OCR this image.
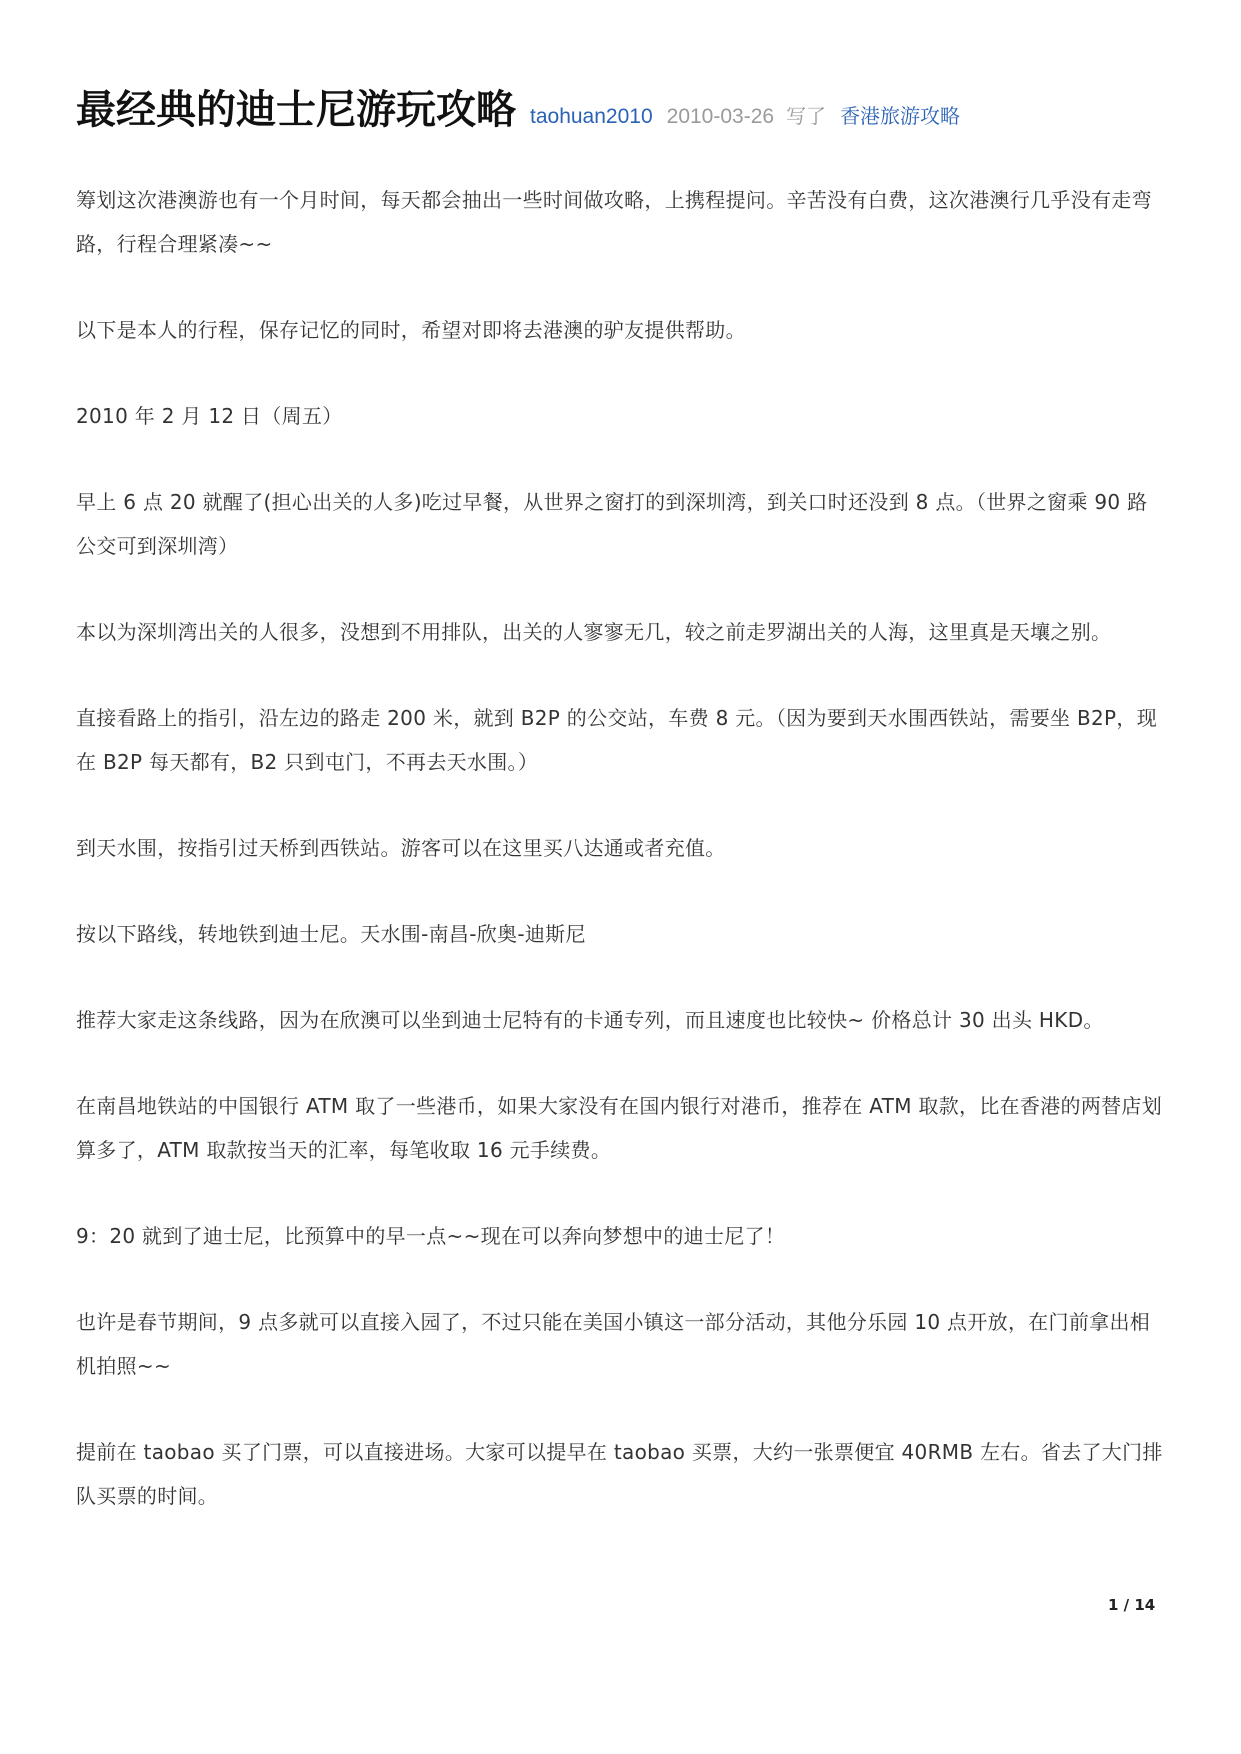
最经典的迪士尼游玩攻略 taohuan2010 2010-03-26 写了 香港旅游攻略

筹划这次港澳游也有一个月时间，每天都会抽出一些时间做攻略，上携程提问。辛苦没有白费，这次港澳行几乎没有走弯路，行程合理紧凑~~

以下是本人的行程，保存记忆的同时，希望对即将去港澳的驴友提供帮助。

2010 年 2 月 12 日（周五）

早上 6 点 20 就醒了(担心出关的人多)吃过早餐，从世界之窗打的到深圳湾，到关口时还没到 8 点。（世界之窗乘 90 路公交可到深圳湾）

本以为深圳湾出关的人很多，没想到不用排队，出关的人寥寥无几，较之前走罗湖出关的人海，这里真是天壤之别。

直接看路上的指引，沿左边的路走 200 米，就到 B2P 的公交站，车费 8 元。（因为要到天水围西铁站，需要坐 B2P，现在 B2P 每天都有，B2 只到屯门，不再去天水围。）

到天水围，按指引过天桥到西铁站。游客可以在这里买八达通或者充值。

按以下路线，转地铁到迪士尼。天水围-南昌-欣奥-迪斯尼

推荐大家走这条线路，因为在欣澳可以坐到迪士尼特有的卡通专列，而且速度也比较快~ 价格总计 30 出头 HKD。

在南昌地铁站的中国银行 ATM 取了一些港币，如果大家没有在国内银行对港币，推荐在 ATM 取款，比在香港的两替店划算多了，ATM 取款按当天的汇率，每笔收取 16 元手续费。

9：20 就到了迪士尼，比预算中的早一点~~现在可以奔向梦想中的迪士尼了！

也许是春节期间，9 点多就可以直接入园了，不过只能在美国小镇这一部分活动，其他分乐园 10 点开放，在门前拿出相机拍照~~

提前在 taobao 买了门票，可以直接进场。大家可以提早在 taobao 买票，大约一张票便宜 40RMB 左右。省去了大门排队买票的时间。

1 / 14
